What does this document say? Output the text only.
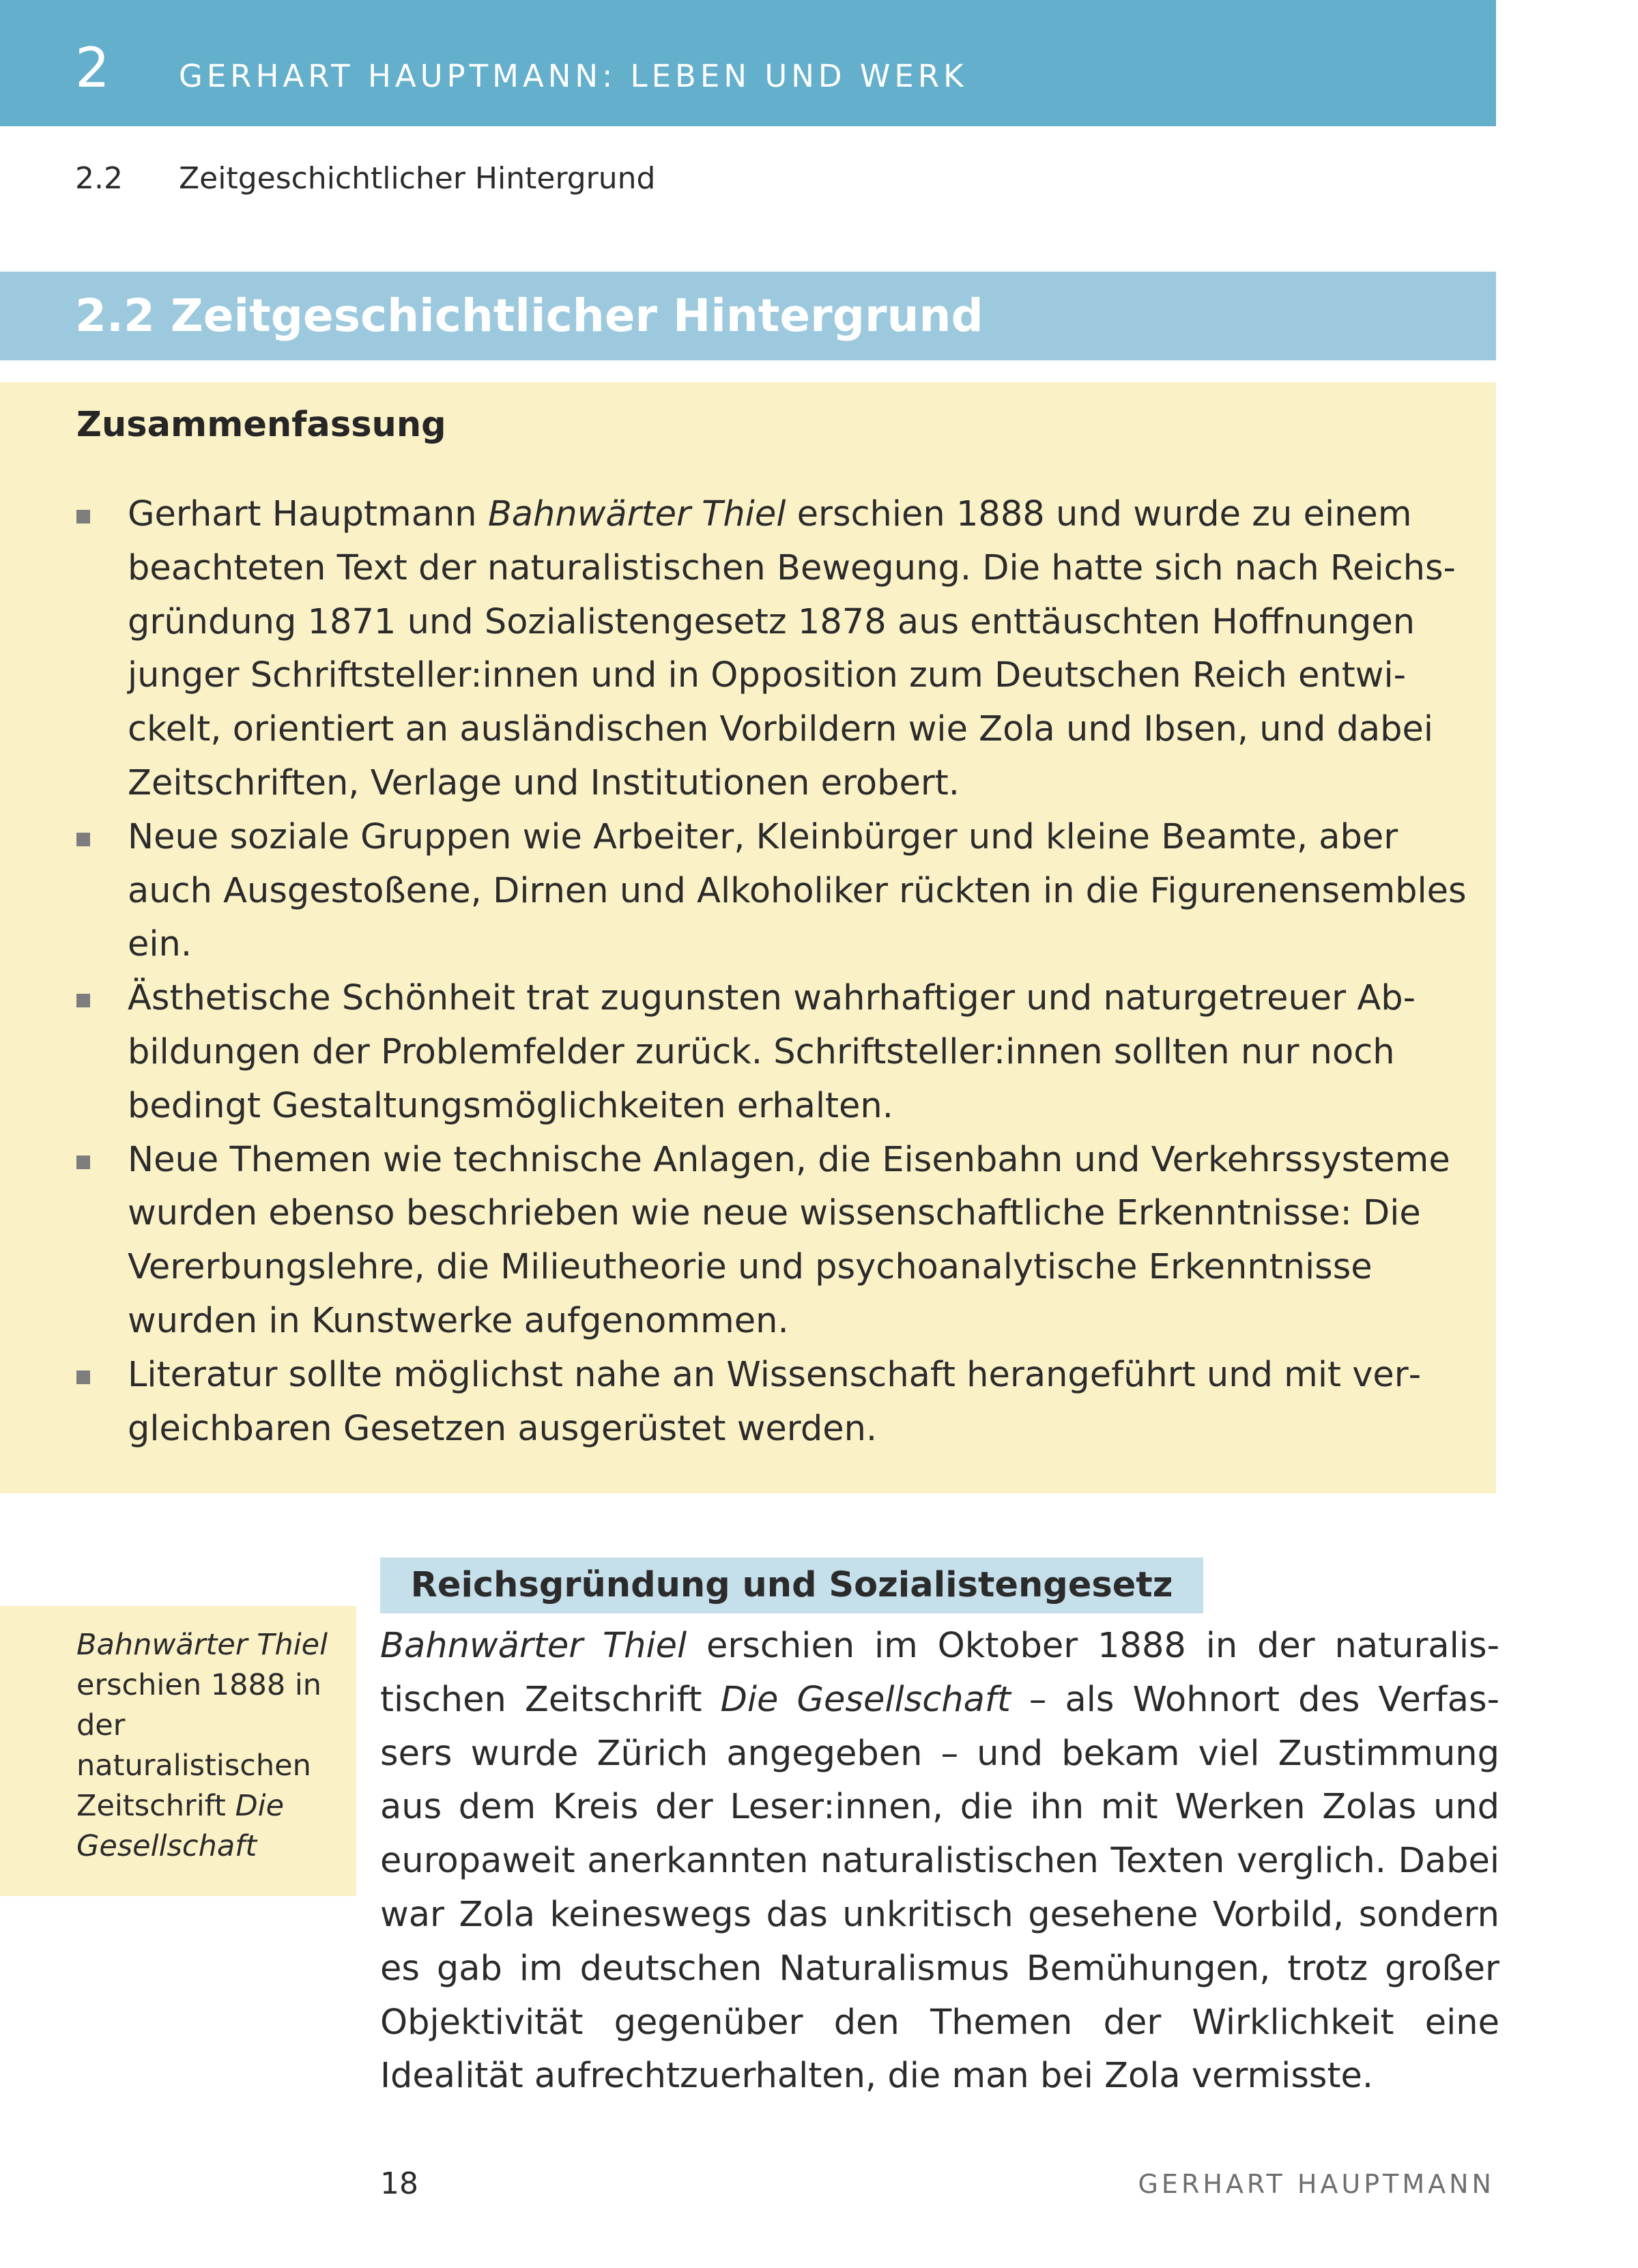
2 GERHART HAUPTMANN: LEBEN UND WERK
2.2 Zeitgeschichtlicher Hintergrund
2.2 Zeitgeschichtlicher Hintergrund
Zusammenfassung

Gerhart Hauptmann Bahnwärter Thiel erschien 1888 und wurde zu einem beachteten Text der naturalistischen Bewegung. Die hatte sich nach Reichsgründung 1871 und Sozialistengesetz 1878 aus enttäuschten Hoffnungen junger Schriftsteller:innen und in Opposition zum Deutschen Reich entwickelt, orientiert an ausländischen Vorbildern wie Zola und Ibsen, und dabei Zeitschriften, Verlage und Institutionen erobert.

Neue soziale Gruppen wie Arbeiter, Kleinbürger und kleine Beamte, aber auch Ausgestoßene, Dirnen und Alkoholiker rückten in die Figurenensembles ein.

Ästhetische Schönheit trat zugunsten wahrhaftiger und naturgetreuer Abbildungen der Problemfelder zurück. Schriftsteller:innen sollten nur noch bedingt Gestaltungsmöglichkeiten erhalten.

Neue Themen wie technische Anlagen, die Eisenbahn und Verkehrssysteme wurden ebenso beschrieben wie neue wissenschaftliche Erkenntnisse: Die Vererbungslehre, die Milieutheorie und psychoanalytische Erkenntnisse wurden in Kunstwerke aufgenommen.

Literatur sollte möglichst nahe an Wissenschaft herangeführt und mit vergleichbaren Gesetzen ausgerüstet werden.

Reichsgründung und Sozialistengesetz

Bahnwärter Thiel erschien 1888 in der naturalistischen Zeitschrift Die Gesellschaft

Bahnwärter Thiel erschien im Oktober 1888 in der naturalistischen Zeitschrift Die Gesellschaft – als Wohnort des Verfassers wurde Zürich angegeben – und bekam viel Zustimmung aus dem Kreis der Leser:innen, die ihn mit Werken Zolas und europaweit anerkannten naturalistischen Texten verglich. Dabei war Zola keineswegs das unkritisch gesehene Vorbild, sondern es gab im deutschen Naturalismus Bemühungen, trotz großer Objektivität gegenüber den Themen der Wirklichkeit eine Idealität aufrechtzuerhalten, die man bei Zola vermisste.

18	GERHART HAUPTMANN
